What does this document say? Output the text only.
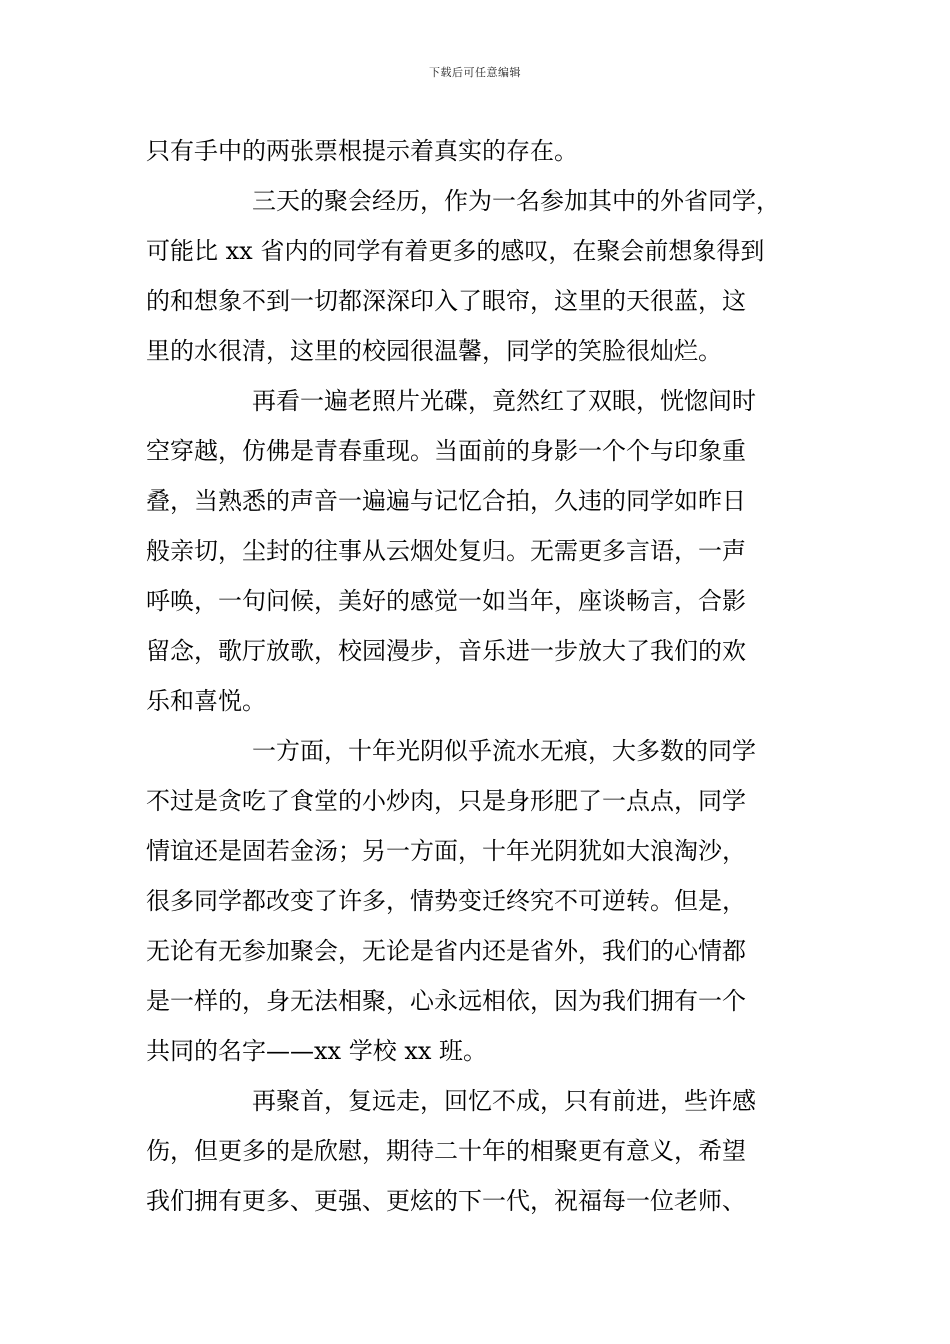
下载后可任意编辑
只有手中的两张票根提示着真实的存在。
三天的聚会经历，作为一名参加其中的外省同学，
可能比 xx 省内的同学有着更多的感叹，在聚会前想象得到
的和想象不到一切都深深印入了眼帘，这里的天很蓝，这
里的水很清，这里的校园很温馨，同学的笑脸很灿烂。
再看一遍老照片光碟，竟然红了双眼，恍惚间时
空穿越，仿佛是青春重现。当面前的身影一个个与印象重
叠，当熟悉的声音一遍遍与记忆合拍，久违的同学如昨日
般亲切，尘封的往事从云烟处复归。无需更多言语，一声
呼唤，一句问候，美好的感觉一如当年，座谈畅言，合影
留念，歌厅放歌，校园漫步，音乐进一步放大了我们的欢
乐和喜悦。
一方面，十年光阴似乎流水无痕，大多数的同学
不过是贪吃了食堂的小炒肉，只是身形肥了一点点，同学
情谊还是固若金汤；另一方面，十年光阴犹如大浪淘沙，
很多同学都改变了许多，情势变迁终究不可逆转。但是，
无论有无参加聚会，无论是省内还是省外，我们的心情都
是一样的，身无法相聚，心永远相依，因为我们拥有一个
共同的名字——xx 学校 xx 班。
再聚首，复远走，回忆不成，只有前进，些许感
伤，但更多的是欣慰，期待二十年的相聚更有意义，希望
我们拥有更多、更强、更炫的下一代，祝福每一位老师、
